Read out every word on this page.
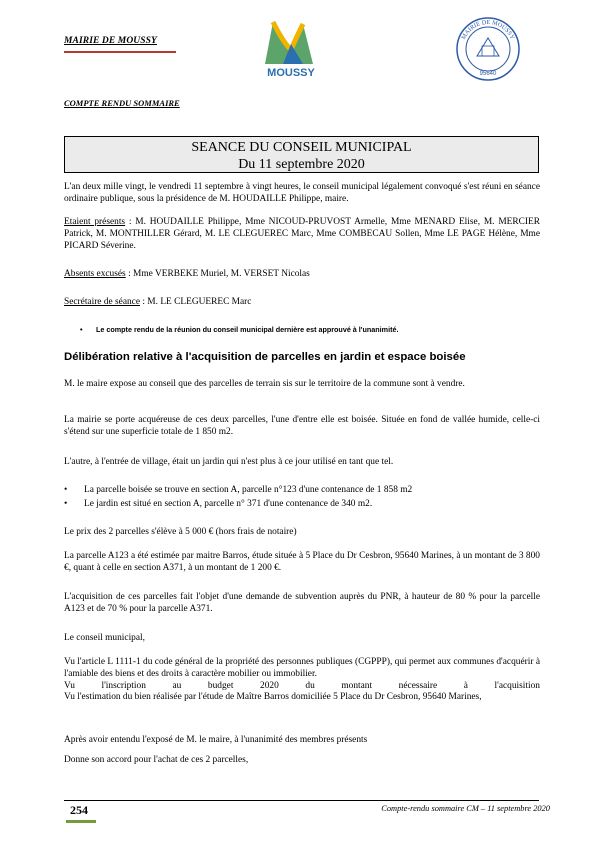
MAIRIE DE MOUSSY
MOUSSY
MAIRIE DE MOUSSY
95640
COMPTE RENDU SOMMAIRE
SEANCE DU CONSEIL MUNICIPAL
Du 11 septembre 2020
L'an deux mille vingt, le vendredi 11 septembre à vingt heures, le conseil municipal légalement convoqué s'est réuni en séance ordinaire publique, sous la présidence de M. HOUDAILLE Philippe, maire.
Etaient présents : M. HOUDAILLE Philippe, Mme NICOUD-PRUVOST Armelle, Mme MENARD Elise, M. MERCIER Patrick, M. MONTHILLER Gérard, M. LE CLEGUEREC Marc, Mme COMBECAU Sollen, Mme LE PAGE Hélène, Mme PICARD Séverine.
Absents excusés : Mme VERBEKE Muriel, M. VERSET Nicolas
Secrétaire de séance : M. LE CLEGUEREC Marc
• Le compte rendu de la réunion du conseil municipal dernière est approuvé à l'unanimité.
Délibération relative à l'acquisition de parcelles en jardin et espace boisée
M. le maire expose au conseil que des parcelles de terrain sis sur le territoire de la commune sont à vendre.
La mairie se porte acquéreuse de ces deux parcelles, l'une d'entre elle est boisée. Située en fond de vallée humide, celle-ci s'étend sur une superficie totale de 1 850 m2.
L'autre, à l'entrée de village, était un jardin qui n'est plus à ce jour utilisé en tant que tel.
• La parcelle boisée se trouve en section A, parcelle n°123 d'une contenance de 1 858 m2
• Le jardin est situé en section A, parcelle n° 371 d'une contenance de 340 m2.
Le prix des 2 parcelles s'élève à 5 000 € (hors frais de notaire)
La parcelle A123 a été estimée par maitre Barros, étude située à 5 Place du Dr Cesbron, 95640 Marines, à un montant de 3 800 €, quant à celle en section A371, à un montant de 1 200 €.
L'acquisition de ces parcelles fait l'objet d'une demande de subvention auprès du PNR, à hauteur de 80 % pour la parcelle A123 et de 70 % pour la parcelle A371.
Le conseil municipal,
Vu l'article L 1111-1 du code général de la propriété des personnes publiques (CGPPP), qui permet aux communes d'acquérir à l'amiable des biens et des droits à caractère mobilier ou immobilier.
Vu l'inscription au budget 2020 du montant nécessaire à l'acquisition
Vu l'estimation du bien réalisée par l'étude de Maître Barros domiciliée 5 Place du Dr Cesbron, 95640 Marines,
Après avoir entendu l'exposé de M. le maire, à l'unanimité des membres présents
Donne son accord pour l'achat de ces 2 parcelles,
254	Compte-rendu sommaire CM – 11 septembre 2020
